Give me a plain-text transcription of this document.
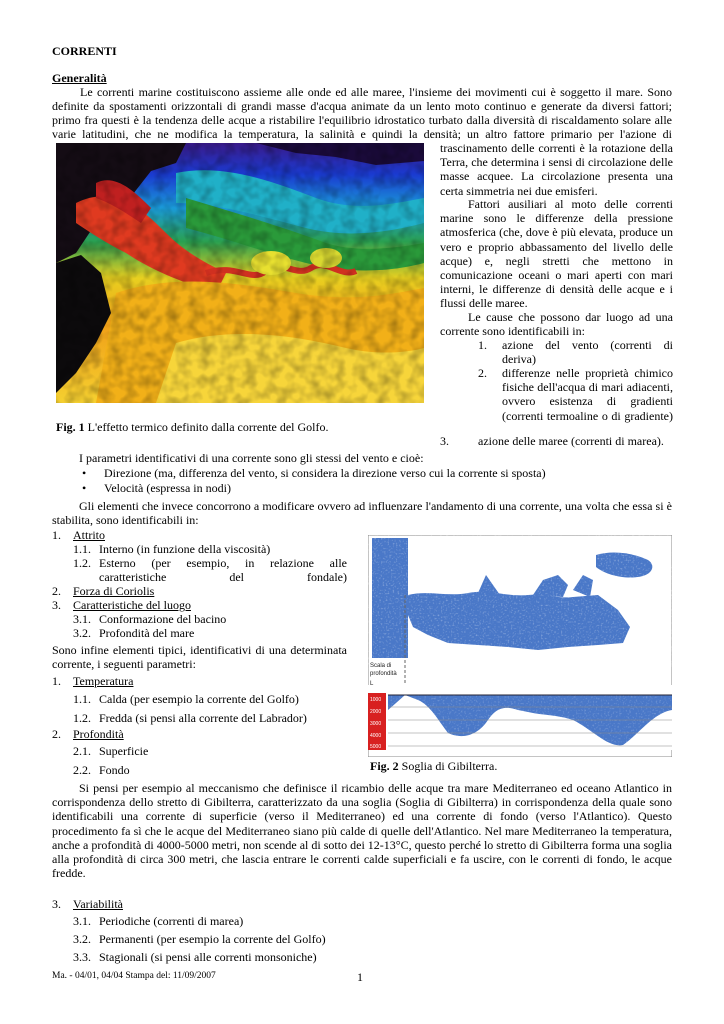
CORRENTI
Generalità
Le correnti marine costituiscono assieme alle onde ed alle maree, l'insieme dei movimenti cui è soggetto il mare. Sono
definite da spostamenti orizzontali di grandi masse d'acqua animate da un lento moto continuo e generate da diversi fattori;
primo fra questi è la tendenza delle acque a ristabilire l'equilibrio idrostatico turbato dalla diversità di riscaldamento solare alle
varie latitudini, che ne modifica la temperatura, la salinità e quindi la densità; un altro fattore primario per l'azione di
trascinamento delle correnti è la rotazione della Terra, che determina i sensi di circolazione delle masse acquee. La circolazione presenta una certa simmetria nei due emisferi.
Fattori ausiliari al moto delle correnti marine sono le differenze della pressione atmosferica (che, dove è più elevata, produce un vero e proprio abbassamento del livello delle acque) e, negli stretti che mettono in comunicazione oceani o mari aperti con mari interni, le differenze di densità delle acque e i flussi delle maree.
Le cause che possono dar luogo ad una corrente sono identificabili in:
1. azione del vento (correnti di deriva)
2. differenze nelle proprietà chimico fisiche dell'acqua di mari adiacenti, ovvero esistenza di gradienti (correnti termoaline o di gradiente)
Fig. 1 L'effetto termico definito dalla corrente del Golfo.
3. azione delle maree (correnti di marea).
I parametri identificativi di una corrente sono gli stessi del vento e cioè:
• Direzione (ma, differenza del vento, si considera la direzione verso cui la corrente si sposta)
• Velocità (espressa in nodi)
Gli elementi che invece concorrono a modificare ovvero ad influenzare l'andamento di una corrente, una volta che essa si è stabilita, sono identificabili in:
1. Attrito
1.1. Interno (in funzione della viscosità)
1.2. Esterno (per esempio, in relazione alle caratteristiche del fondale)
2. Forza di Coriolis
3. Caratteristiche del luogo
3.1. Conformazione del bacino
3.2. Profondità del mare
Sono infine elementi tipici, identificativi di una determinata corrente, i seguenti parametri:
1. Temperatura
1.1. Calda (per esempio la corrente del Golfo)
1.2. Fredda (si pensi alla corrente del Labrador)
2. Profondità
2.1. Superficie
2.2. Fondo
Scala di
profondità
L
1000
2000
3000
4000
5000
Fig. 2 Soglia di Gibilterra.
Si pensi per esempio al meccanismo che definisce il ricambio delle acque tra mare Mediterraneo ed oceano Atlantico in corrispondenza dello stretto di Gibilterra, caratterizzato da una soglia (Soglia di Gibilterra) in corrispondenza della quale sono identificabili una corrente di superficie (verso il Mediterraneo) ed una corrente di fondo (verso l'Atlantico). Questo procedimento fa sì che le acque del Mediterraneo siano più calde di quelle dell'Atlantico. Nel mare Mediterraneo la temperatura, anche a profondità di 4000-5000 metri, non scende al di sotto dei 12-13°C, questo perché lo stretto di Gibilterra forma una soglia alla profondità di circa 300 metri, che lascia entrare le correnti calde superficiali e fa uscire, con le correnti di fondo, le acque fredde.
3. Variabilità
3.1. Periodiche (correnti di marea)
3.2. Permanenti (per esempio la corrente del Golfo)
3.3. Stagionali (si pensi alle correnti monsoniche)
Ma. - 04/01, 04/04 Stampa del: 11/09/2007	1
